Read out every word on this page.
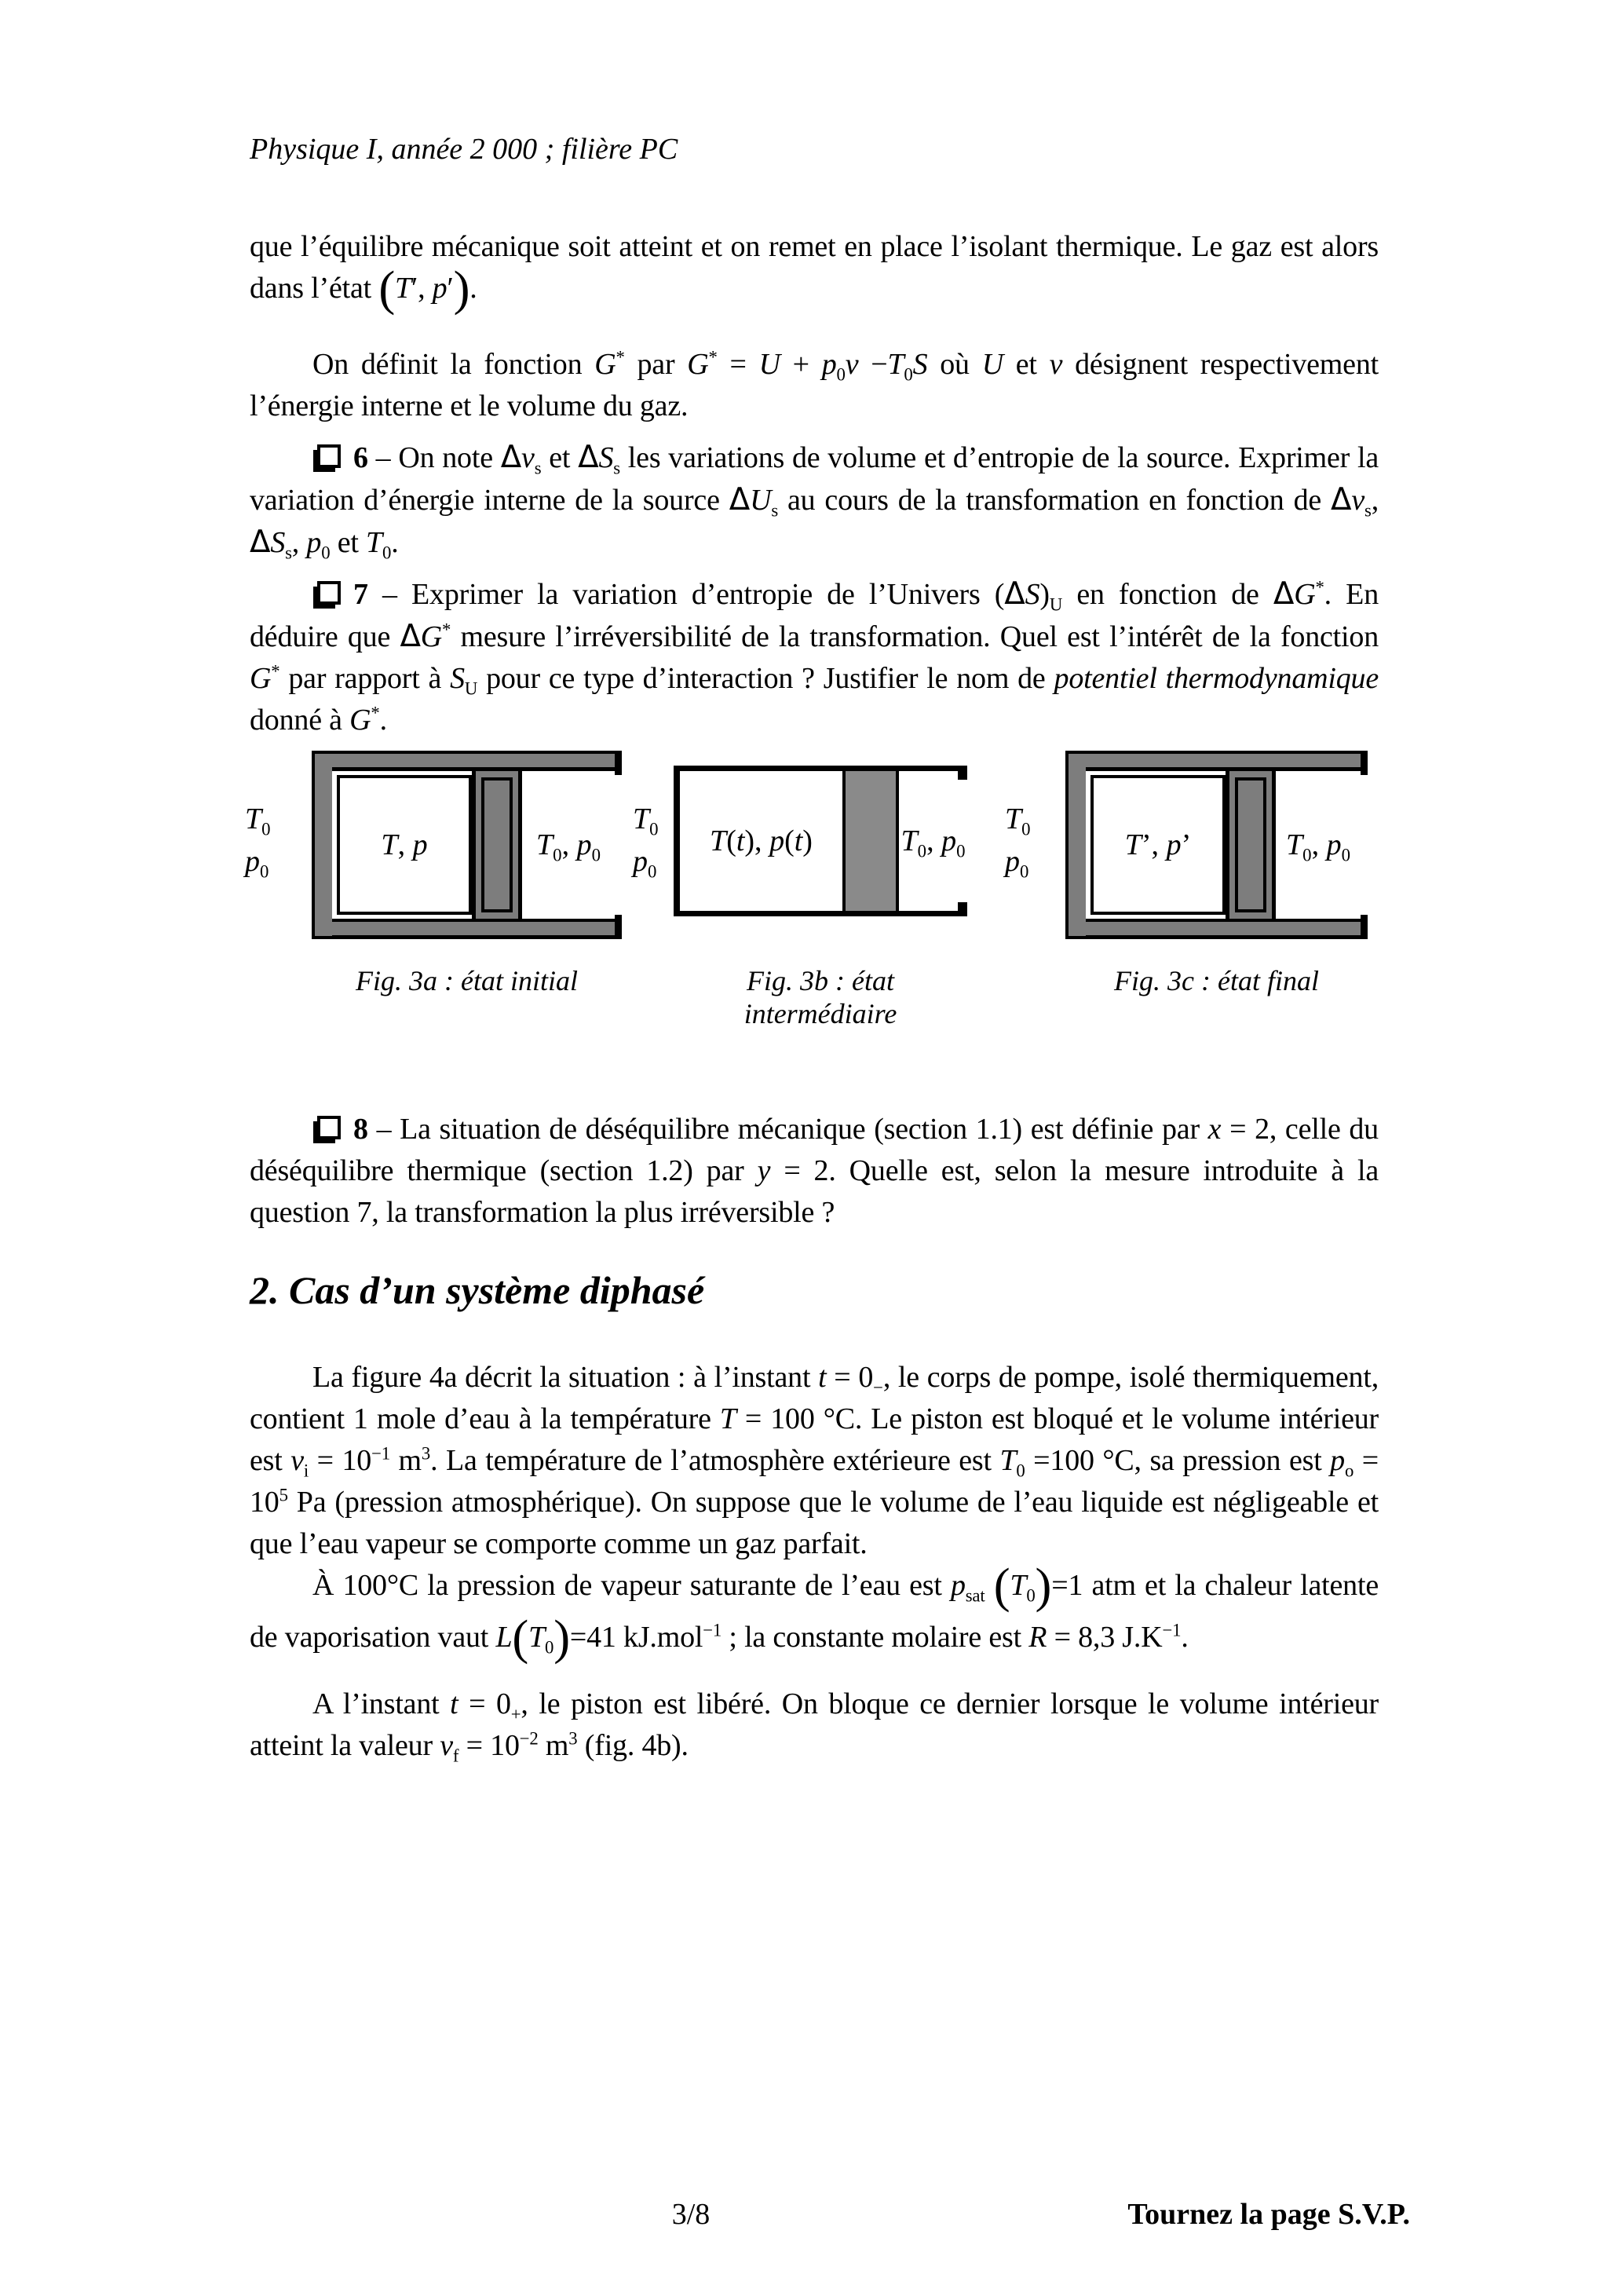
Physique I, année 2 000 ; filière PC

que l’équilibre mécanique soit atteint et on remet en place l’isolant thermique. Le gaz est alors dans l’état (T′, p′).

On définit la fonction G* par $G^* = U + p_0v -T_0S$ où U et v désignent respectivement l’énergie interne et le volume du gaz.

6 – On note $\Delta v_s$ et $\Delta S_s$ les variations de volume et d’entropie de la source. Exprimer la variation d’énergie interne de la source $\Delta U_s$ au cours de la transformation en fonction de $\Delta v_s$, $\Delta S_s$, $p_0$ et $T_0$.

7 – Exprimer la variation d’entropie de l’Univers $(\Delta S)_U$ en fonction de ΔG*. En déduire que ΔG* mesure l’irréversibilité de la transformation. Quel est l’intérêt de la fonction G* par rapport à $S_U$ pour ce type d’interaction ? Justifier le nom de potentiel thermodynamique donné à G*.

$T_0$
$p_0$
T, p	$T_0$, $p_0$
Fig. 3a : état initial
$T_0$
$p_0$
T(t), p(t)	$T_0$, $p_0$
Fig. 3b : état intermédiaire
$T_0$
$p_0$
T’, p’	$T_0$, $p_0$
Fig. 3c : état final

8 – La situation de déséquilibre mécanique (section 1.1) est définie par x = 2, celle du déséquilibre thermique (section 1.2) par y = 2. Quelle est, selon la mesure introduite à la question 7, la transformation la plus irréversible ?

2. Cas d’un système diphasé

La figure 4a décrit la situation : à l’instant $t = 0_-$, le corps de pompe, isolé thermiquement, contient 1 mole d’eau à la température T = 100 °C. Le piston est bloqué et le volume intérieur est $v_i = 10^{-1}$ $m^3$. La température de l’atmosphère extérieure est $T_0 =100$ °C, sa pression est $p_o = 10^5$ Pa (pression atmosphérique). On suppose que le volume de l’eau liquide est négligeable et que l’eau vapeur se comporte comme un gaz parfait.

À 100°C la pression de vapeur saturante de l’eau est $p_{sat}$ $(T_0)=1$ atm et la chaleur latente de vaporisation vaut $L(T_0)=41$ kJ.mol$^{-1}$ ; la constante molaire est R = 8,3 $J.K^{-1}$.

A l’instant $t = 0_+$, le piston est libéré. On bloque ce dernier lorsque le volume intérieur atteint la valeur $v_f = 10^{-2}$ $m^3$ (fig. 4b).

3/8	Tournez la page S.V.P.
